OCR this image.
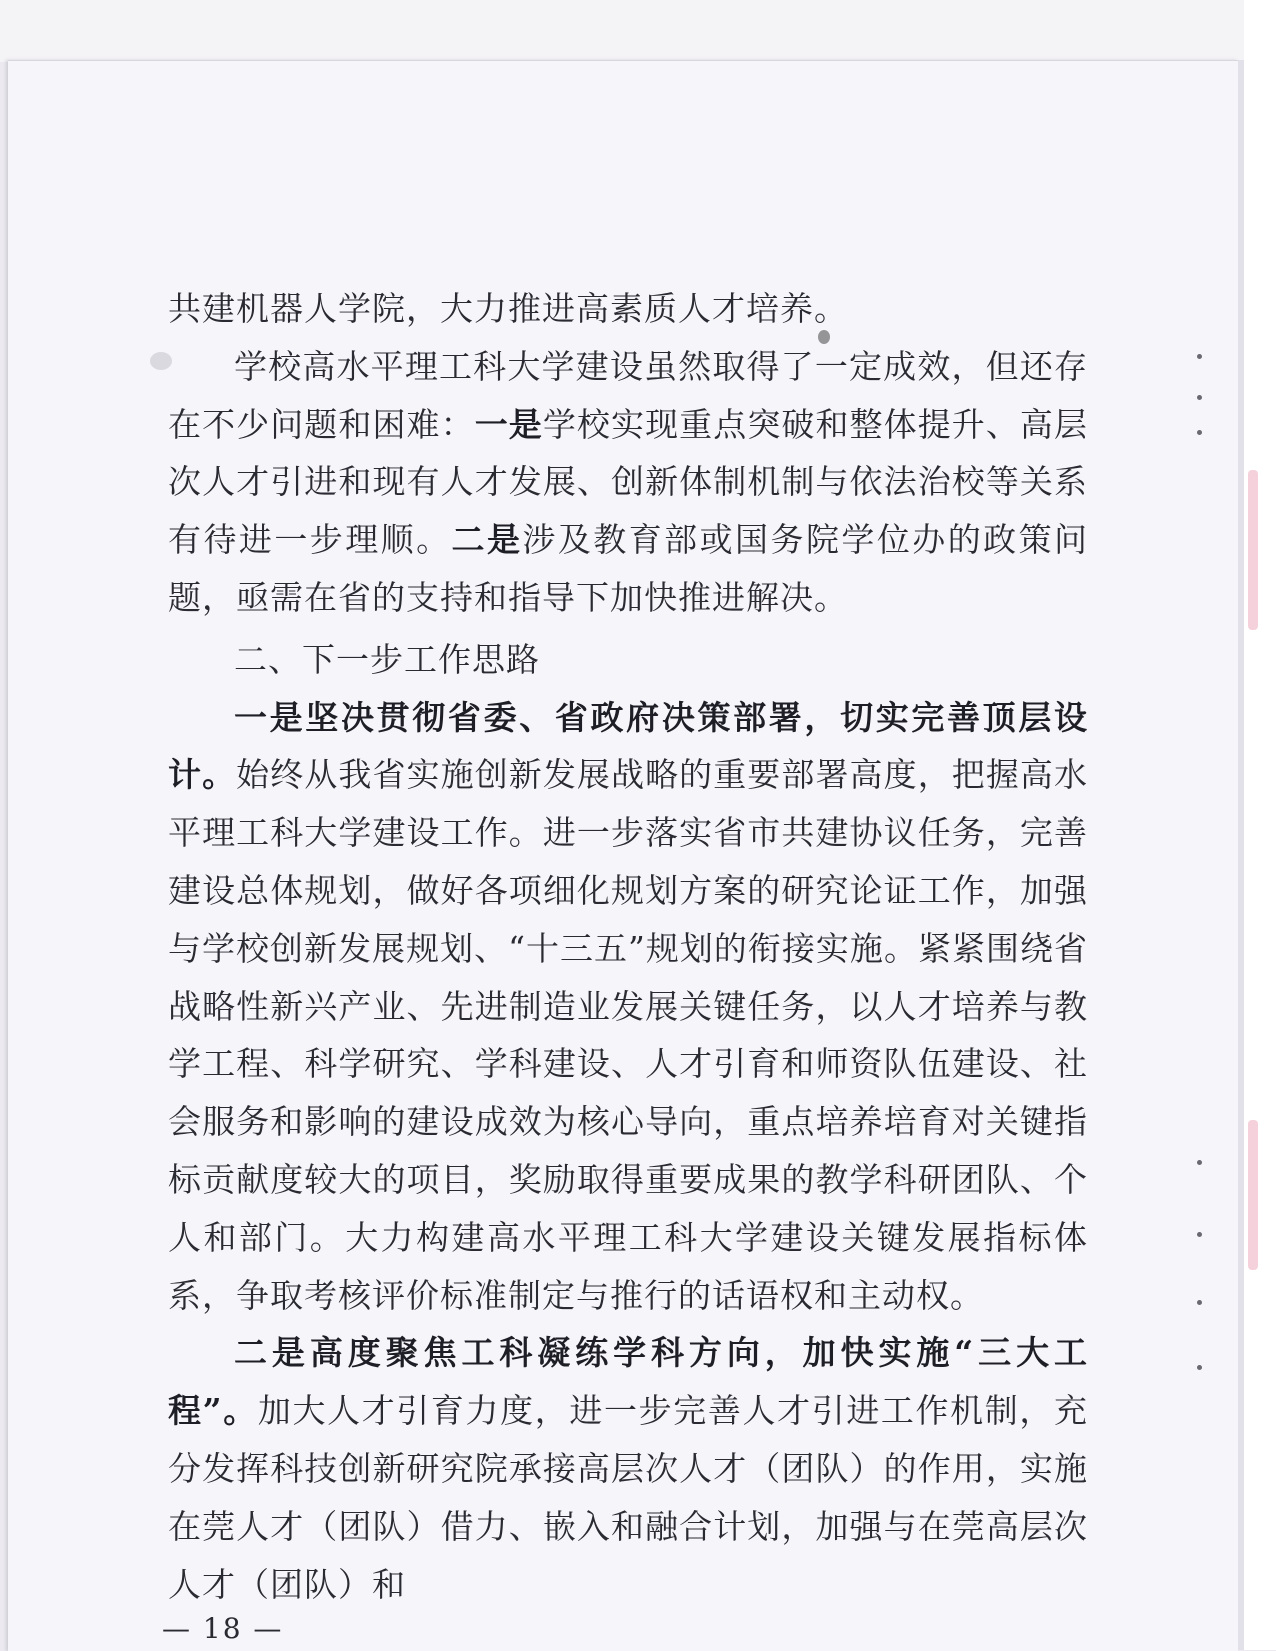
共建机器人学院，大力推进高素质人才培养。

学校高水平理工科大学建设虽然取得了一定成效，但还存在不少问题和困难：一是学校实现重点突破和整体提升、高层次人才引进和现有人才发展、创新体制机制与依法治校等关系有待进一步理顺。二是涉及教育部或国务院学位办的政策问题，亟需在省的支持和指导下加快推进解决。

二、下一步工作思路

一是坚决贯彻省委、省政府决策部署，切实完善顶层设计。始终从我省实施创新发展战略的重要部署高度，把握高水平理工科大学建设工作。进一步落实省市共建协议任务，完善建设总体规划，做好各项细化规划方案的研究论证工作，加强与学校创新发展规划、“十三五”规划的衔接实施。紧紧围绕省战略性新兴产业、先进制造业发展关键任务，以人才培养与教学工程、科学研究、学科建设、人才引育和师资队伍建设、社会服务和影响的建设成效为核心导向，重点培养培育对关键指标贡献度较大的项目，奖励取得重要成果的教学科研团队、个人和部门。大力构建高水平理工科大学建设关键发展指标体系，争取考核评价标准制定与推行的话语权和主动权。

二是高度聚焦工科凝练学科方向，加快实施“三大工程”。加大人才引育力度，进一步完善人才引进工作机制，充分发挥科技创新研究院承接高层次人才（团队）的作用，实施在莞人才（团队）借力、嵌入和融合计划，加强与在莞高层次人才（团队）和

— 18 —
